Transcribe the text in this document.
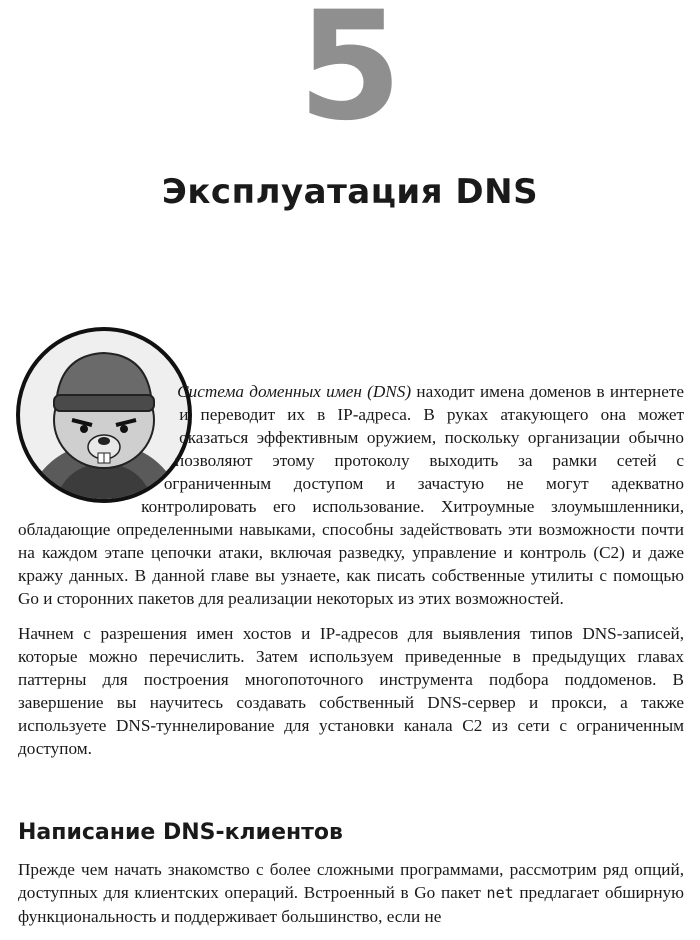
5
Эксплуатация DNS

Система доменных имен (DNS) находит имена доменов в интернете и переводит их в IP-адреса. В руках атакующего она может оказаться эффективным оружием, поскольку организации обычно позволяют этому протоколу выходить за рамки сетей с ограниченным доступом и зачастую не могут адекватно контролировать его использование. Хитроумные злоумышленники, обладающие определенными навыками, способны задействовать эти возможности почти на каждом этапе цепочки атаки, включая разведку, управление и контроль (C2) и даже кражу данных. В данной главе вы узнаете, как писать собственные утилиты с помощью Go и сторонних пакетов для реализации некоторых из этих возможностей.

Начнем с разрешения имен хостов и IP-адресов для выявления типов DNS-записей, которые можно перечислить. Затем используем приведенные в предыдущих главах паттерны для построения многопоточного инструмента подбора поддоменов. В завершение вы научитесь создавать собственный DNS-сервер и прокси, а также используете DNS-туннелирование для установки канала C2 из сети с ограниченным доступом.

Написание DNS-клиентов
Прежде чем начать знакомство с более сложными программами, рассмотрим ряд опций, доступных для клиентских операций. Встроенный в Go пакет net предлагает обширную функциональность и поддерживает большинство, если не
